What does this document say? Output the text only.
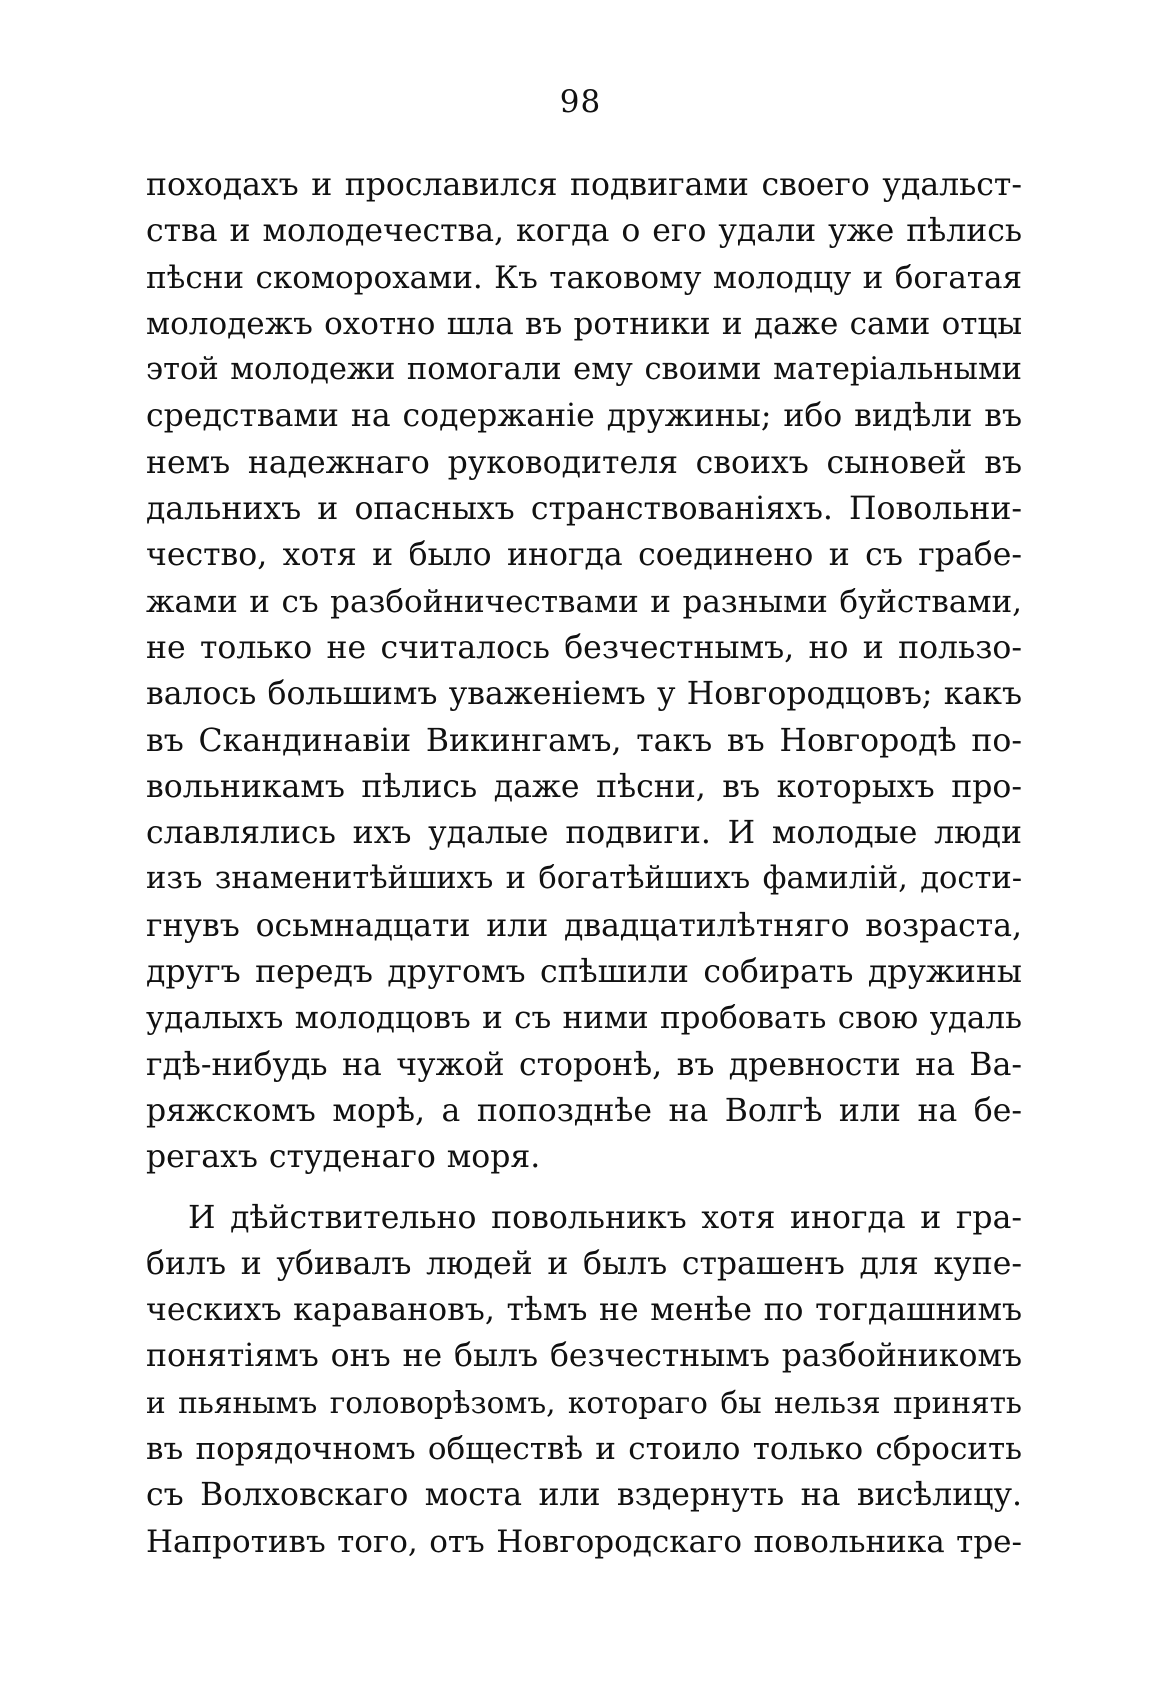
98
походахъ и прославился подвигами своего удальст-
ства и молодечества, когда о его удали уже пѣлись
пѣсни скоморохами. Къ таковому молодцу и богатая
молодежъ охотно шла въ ротники и даже сами отцы
этой молодежи помогали ему своими матеріальными
средствами на содержаніе дружины; ибо видѣли въ
немъ надежнаго руководителя своихъ сыновей въ
дальнихъ и опасныхъ странствованіяхъ. Повольни-
чество, хотя и было иногда соединено и съ грабе-
жами и съ разбойничествами и разными буйствами,
не только не считалось безчестнымъ, но и пользо-
валось большимъ уваженіемъ у Новгородцовъ; какъ
въ Скандинавіи Викингамъ, такъ въ Новгородѣ по-
вольникамъ пѣлись даже пѣсни, въ которыхъ про-
славлялись ихъ удалые подвиги. И молодые люди
изъ знаменитѣйшихъ и богатѣйшихъ фамилій, дости-
гнувъ осьмнадцати или двадцатилѣтняго возраста,
другъ передъ другомъ спѣшили собирать дружины
удалыхъ молодцовъ и съ ними пробовать свою удаль
гдѣ-нибудь на чужой сторонѣ, въ древности на Ва-
ряжскомъ морѣ, а попозднѣе на Волгѣ или на бе-
регахъ студенаго моря.
И дѣйствительно повольникъ хотя иногда и гра-
билъ и убивалъ людей и былъ страшенъ для купе-
ческихъ каравановъ, тѣмъ не менѣе по тогдашнимъ
понятіямъ онъ не былъ безчестнымъ разбойникомъ
и пьянымъ головорѣзомъ, котораго бы нельзя принять
въ порядочномъ обществѣ и стоило только сбросить
съ Волховскаго моста или вздернуть на висѣлицу.
Напротивъ того, отъ Новгородскаго повольника тре-
